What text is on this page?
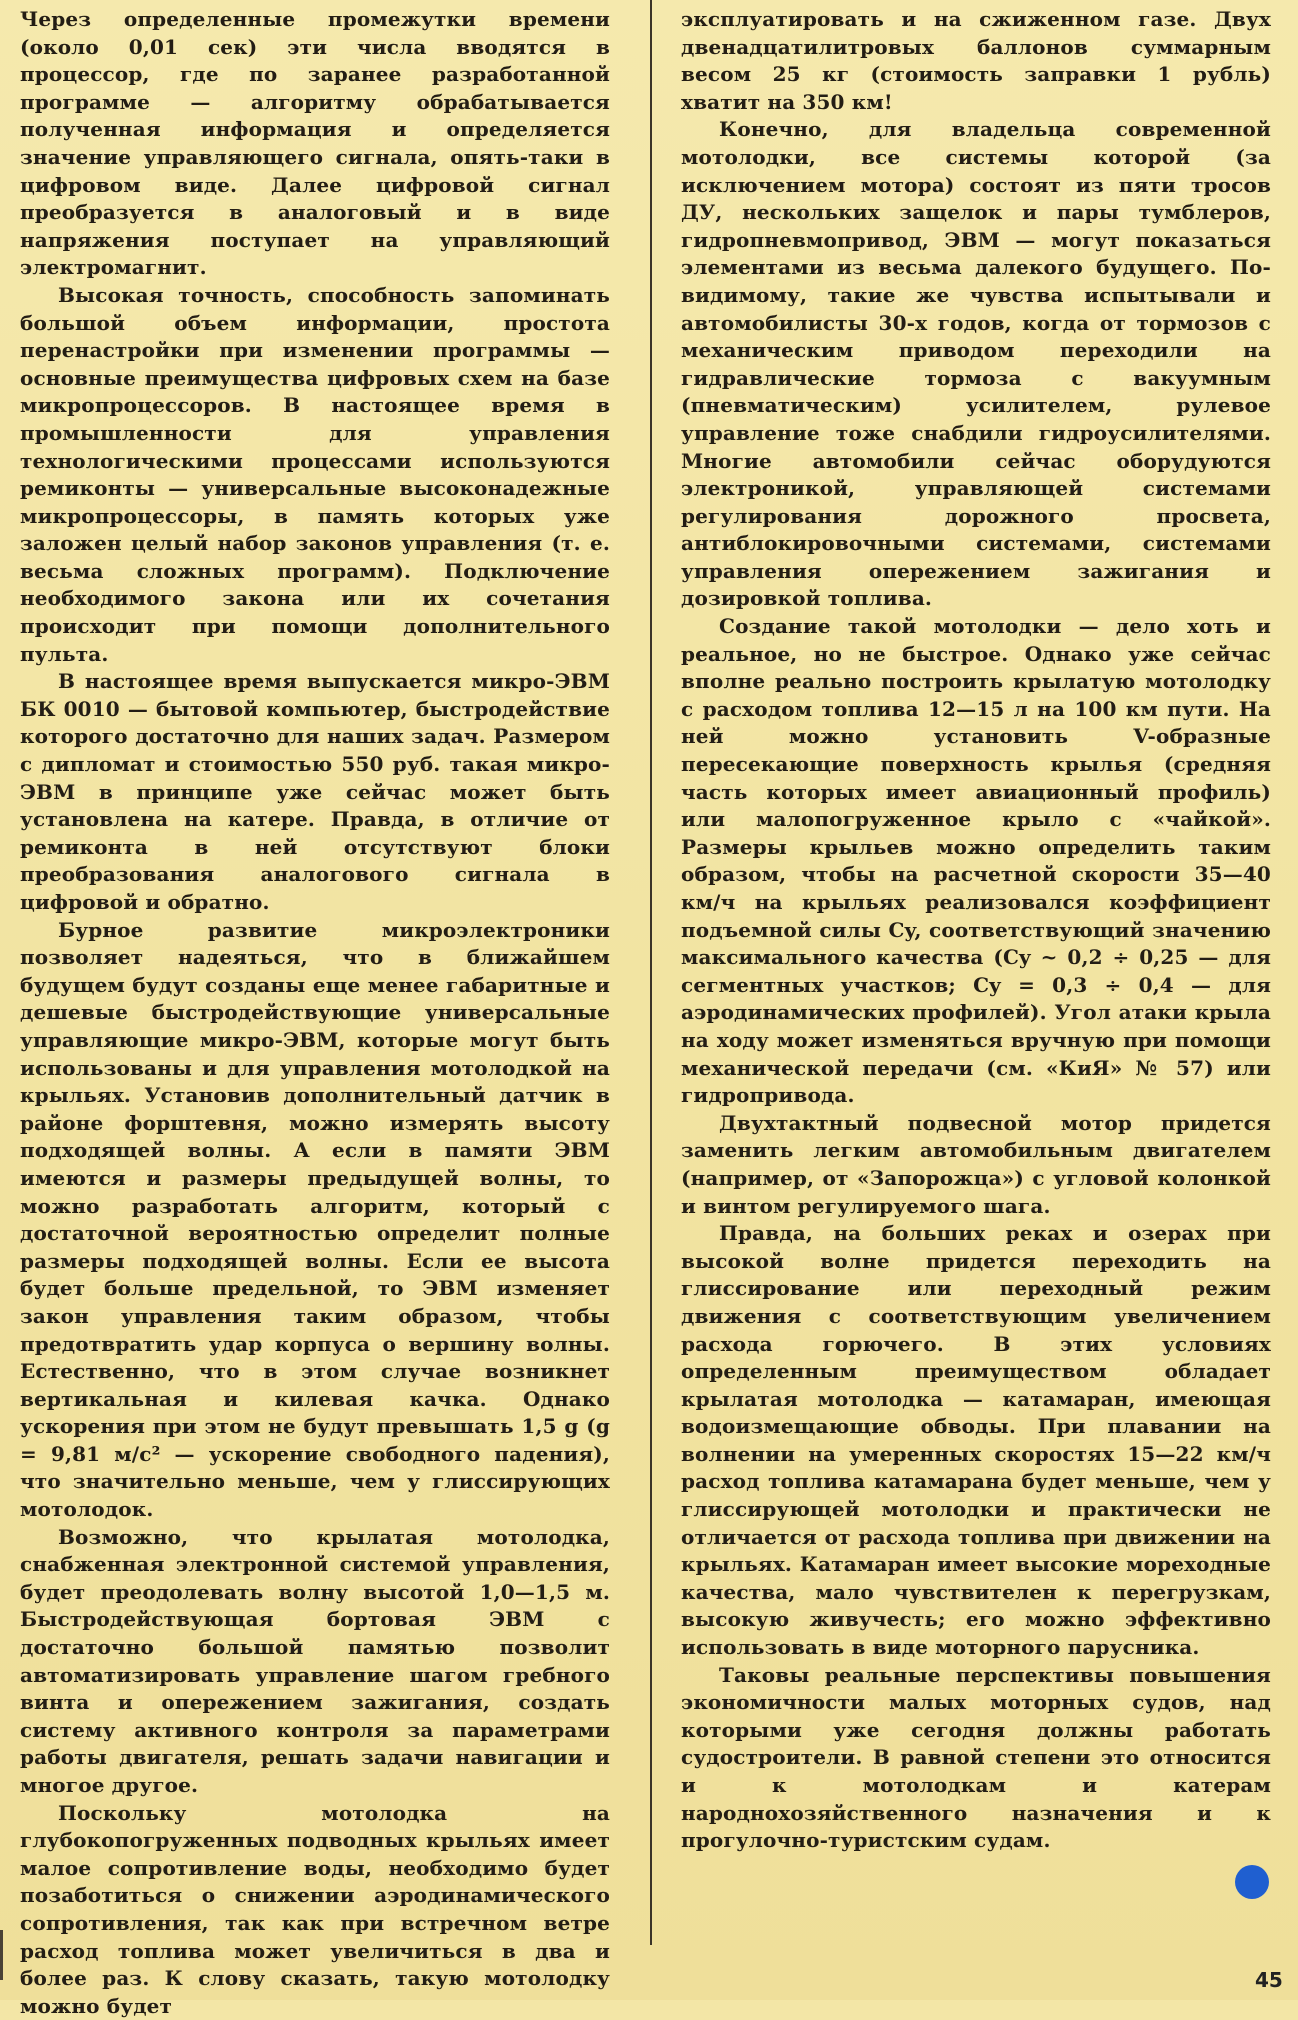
Через определенные промежутки времени (около 0,01 сек) эти числа вводятся в процессор, где по заранее разработанной программе — алгоритму обрабатывается полученная информация и определяется значение управляющего сигнала, опять-таки в цифровом виде. Далее цифровой сигнал преобразуется в аналоговый и в виде напряжения поступает на управляющий электромагнит.

Высокая точность, способность запоминать большой объем информации, простота перенастройки при изменении программы — основные преимущества цифровых схем на базе микропроцессоров. В настоящее время в промышленности для управления технологическими процессами используются ремиконты — универсальные высоконадежные микропроцессоры, в память которых уже заложен целый набор законов управления (т. е. весьма сложных программ). Подключение необходимого закона или их сочетания происходит при помощи дополнительного пульта.

В настоящее время выпускается микро-ЭВМ БК 0010 — бытовой компьютер, быстродействие которого достаточно для наших задач. Размером с дипломат и стоимостью 550 руб. такая микро-ЭВМ в принципе уже сейчас может быть установлена на катере. Правда, в отличие от ремиконта в ней отсутствуют блоки преобразования аналогового сигнала в цифровой и обратно.

Бурное развитие микроэлектроники позволяет надеяться, что в ближайшем будущем будут созданы еще менее габаритные и дешевые быстродействующие универсальные управляющие микро-ЭВМ, которые могут быть использованы и для управления мотолодкой на крыльях. Установив дополнительный датчик в районе форштевня, можно измерять высоту подходящей волны. А если в памяти ЭВМ имеются и размеры предыдущей волны, то можно разработать алгоритм, который с достаточной вероятностью определит полные размеры подходящей волны. Если ее высота будет больше предельной, то ЭВМ изменяет закон управления таким образом, чтобы предотвратить удар корпуса о вершину волны. Естественно, что в этом случае возникнет вертикальная и килевая качка. Однако ускорения при этом не будут превышать 1,5 g (g = 9,81 м/с² — ускорение свободного падения), что значительно меньше, чем у глиссирующих мотолодок.

Возможно, что крылатая мотолодка, снабженная электронной системой управления, будет преодолевать волну высотой 1,0—1,5 м. Быстродействующая бортовая ЭВМ с достаточно большой памятью позволит автоматизировать управление шагом гребного винта и опережением зажигания, создать систему активного контроля за параметрами работы двигателя, решать задачи навигации и многое другое.

Поскольку мотолодка на глубокопогруженных подводных крыльях имеет малое сопротивление воды, необходимо будет позаботиться о снижении аэродинамического сопротивления, так как при встречном ветре расход топлива может увеличиться в два и более раз. К слову сказать, такую мотолодку можно будет

эксплуатировать и на сжиженном газе. Двух двенадцатилитровых баллонов суммарным весом 25 кг (стоимость заправки 1 рубль) хватит на 350 км!

Конечно, для владельца современной мотолодки, все системы которой (за исключением мотора) состоят из пяти тросов ДУ, нескольких защелок и пары тумблеров, гидропневмопривод, ЭВМ — могут показаться элементами из весьма далекого будущего. По-видимому, такие же чувства испытывали и автомобилисты 30-х годов, когда от тормозов с механическим приводом переходили на гидравлические тормоза с вакуумным (пневматическим) усилителем, рулевое управление тоже снабдили гидроусилителями. Многие автомобили сейчас оборудуются электроникой, управляющей системами регулирования дорожного просвета, антиблокировочными системами, системами управления опережением зажигания и дозировкой топлива.

Создание такой мотолодки — дело хоть и реальное, но не быстрое. Однако уже сейчас вполне реально построить крылатую мотолодку с расходом топлива 12—15 л на 100 км пути. На ней можно установить V-образные пересекающие поверхность крылья (средняя часть которых имеет авиационный профиль) или малопогруженное крыло с «чайкой». Размеры крыльев можно определить таким образом, чтобы на расчетной скорости 35—40 км/ч на крыльях реализовался коэффициент подъемной силы Cy, соответствующий значению максимального качества (Cy ~ 0,2 ÷ 0,25 — для сегментных участков; Cy = 0,3 ÷ 0,4 — для аэродинамических профилей). Угол атаки крыла на ходу может изменяться вручную при помощи механической передачи (см. «КиЯ» № 57) или гидропривода.

Двухтактный подвесной мотор придется заменить легким автомобильным двигателем (например, от «Запорожца») с угловой колонкой и винтом регулируемого шага.

Правда, на больших реках и озерах при высокой волне придется переходить на глиссирование или переходный режим движения с соответствующим увеличением расхода горючего. В этих условиях определенным преимуществом обладает крылатая мотолодка — катамаран, имеющая водоизмещающие обводы. При плавании на волнении на умеренных скоростях 15—22 км/ч расход топлива катамарана будет меньше, чем у глиссирующей мотолодки и практически не отличается от расхода топлива при движении на крыльях. Катамаран имеет высокие мореходные качества, мало чувствителен к перегрузкам, высокую живучесть; его можно эффективно использовать в виде моторного парусника.

Таковы реальные перспективы повышения экономичности малых моторных судов, над которыми уже сегодня должны работать судостроители. В равной степени это относится и к мотолодкам и катерам народнохозяйственного назначения и к прогулочно-туристским судам.

45
